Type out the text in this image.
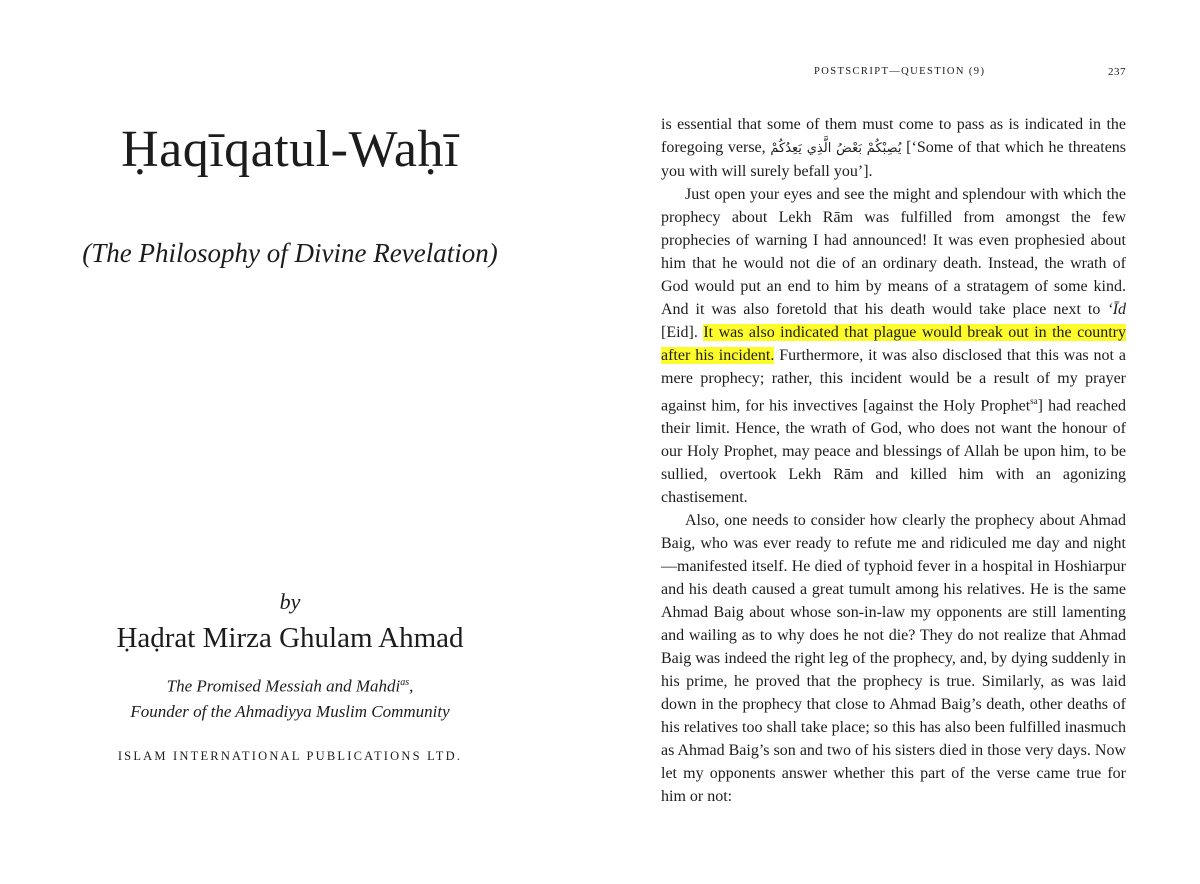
Ḥaqīqatul-Waḥī
(The Philosophy of Divine Revelation)
by
Ḥaḍrat Mirza Ghulam Ahmad
The Promised Messiah and Mahdi$^{as}$,
Founder of the Ahmadiyya Muslim Community
ISLAM INTERNATIONAL PUBLICATIONS LTD.
POSTSCRIPT—QUESTION (9)	237

is essential that some of them must come to pass as is indicated in the foregoing verse, يُصِبْكُمْ بَعْضُ الَّذِي يَعِدُكُمْ [‘Some of that which he threatens you with will surely befall you’].

Just open your eyes and see the might and splendour with which the prophecy about Lekh Rām was fulfilled from amongst the few prophecies of warning I had announced! It was even prophesied about him that he would not die of an ordinary death. Instead, the wrath of God would put an end to him by means of a stratagem of some kind. And it was also foretold that his death would take place next to ‘Īd [Eid]. It was also indicated that plague would break out in the country after his incident. Furthermore, it was also disclosed that this was not a mere prophecy; rather, this incident would be a result of my prayer against him, for his invectives [against the Holy Prophet$^{sa}$] had reached their limit. Hence, the wrath of God, who does not want the honour of our Holy Prophet, may peace and blessings of Allah be upon him, to be sullied, overtook Lekh Rām and killed him with an agonizing chastisement.

Also, one needs to consider how clearly the prophecy about Ahmad Baig, who was ever ready to refute me and ridiculed me day and night—manifested itself. He died of typhoid fever in a hospital in Hoshiarpur and his death caused a great tumult among his relatives. He is the same Ahmad Baig about whose son-in-law my opponents are still lamenting and wailing as to why does he not die? They do not realize that Ahmad Baig was indeed the right leg of the prophecy, and, by dying suddenly in his prime, he proved that the prophecy is true. Similarly, as was laid down in the prophecy that close to Ahmad Baig’s death, other deaths of his relatives too shall take place; so this has also been fulfilled inasmuch as Ahmad Baig’s son and two of his sisters died in those very days. Now let my opponents answer whether this part of the verse came true for him or not:
